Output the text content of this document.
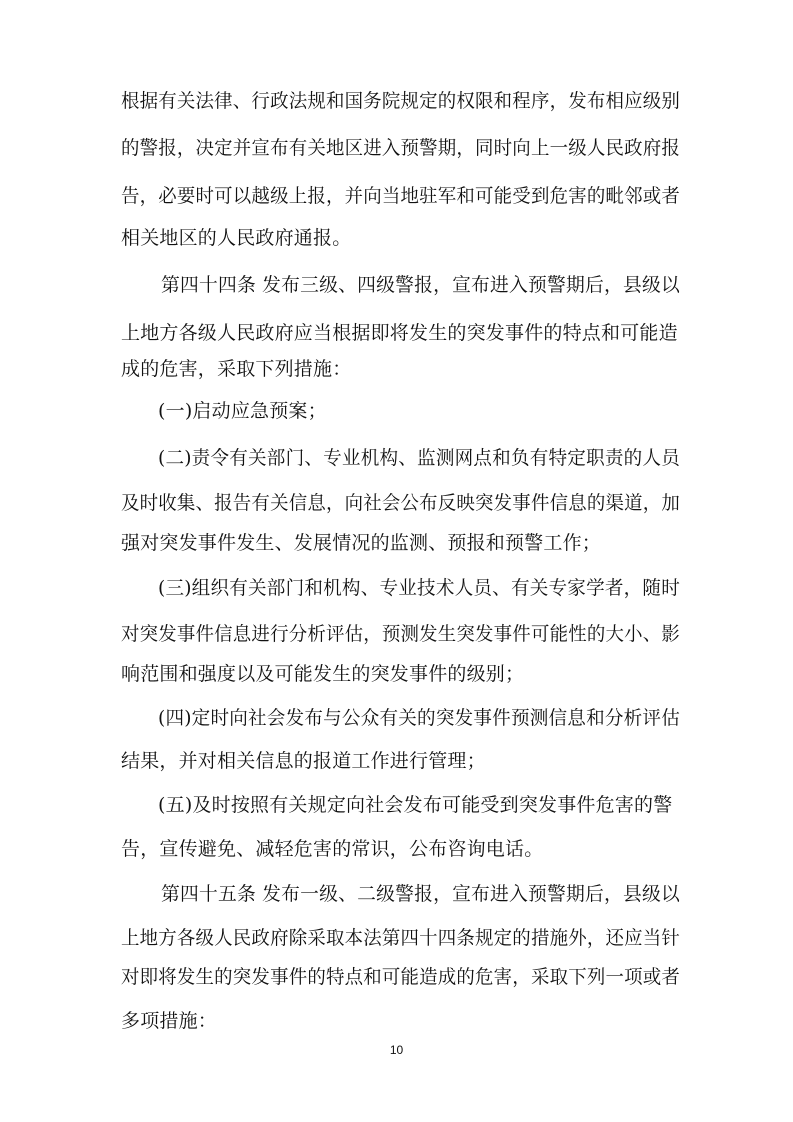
根据有关法律、行政法规和国务院规定的权限和程序，发布相应级别
的警报，决定并宣布有关地区进入预警期，同时向上一级人民政府报
告，必要时可以越级上报，并向当地驻军和可能受到危害的毗邻或者
相关地区的人民政府通报。
第四十四条 发布三级、四级警报，宣布进入预警期后，县级以
上地方各级人民政府应当根据即将发生的突发事件的特点和可能造
成的危害，采取下列措施：
(一)启动应急预案；
(二)责令有关部门、专业机构、监测网点和负有特定职责的人员
及时收集、报告有关信息，向社会公布反映突发事件信息的渠道，加
强对突发事件发生、发展情况的监测、预报和预警工作；
(三)组织有关部门和机构、专业技术人员、有关专家学者，随时
对突发事件信息进行分析评估，预测发生突发事件可能性的大小、影
响范围和强度以及可能发生的突发事件的级别；
(四)定时向社会发布与公众有关的突发事件预测信息和分析评估
结果，并对相关信息的报道工作进行管理；
(五)及时按照有关规定向社会发布可能受到突发事件危害的警
告，宣传避免、减轻危害的常识，公布咨询电话。
第四十五条 发布一级、二级警报，宣布进入预警期后，县级以
上地方各级人民政府除采取本法第四十四条规定的措施外，还应当针
对即将发生的突发事件的特点和可能造成的危害，采取下列一项或者
多项措施：
10
